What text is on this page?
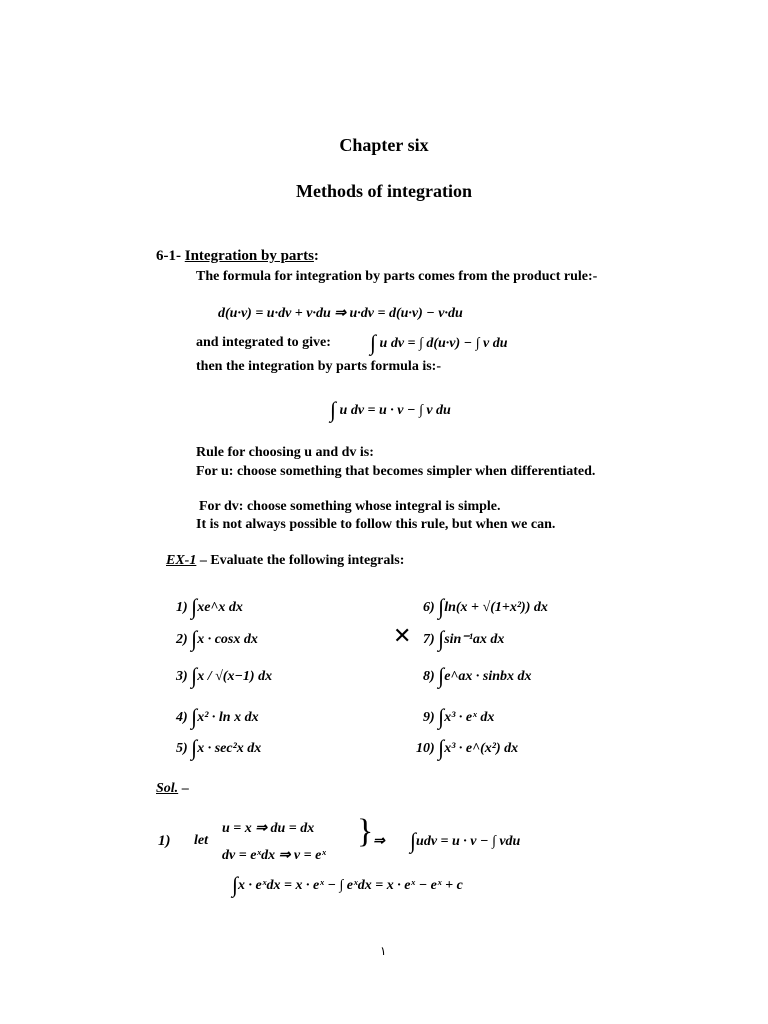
Chapter six
Methods of integration
6-1- Integration by parts:
The formula for integration by parts comes from the product rule:-
d(u·v) = u·dv + v·du ⇒ u·dv = d(u·v) − v·du
and integrated to give: ∫ u dv = ∫ d(u·v) − ∫ v du
then the integration by parts formula is:-
∫ u dv = u · v − ∫ v du
Rule for choosing u and dv is:
For u: choose something that becomes simpler when differentiated.
For dv: choose something whose integral is simple.
It is not always possible to follow this rule, but when we can.
EX-1 – Evaluate the following integrals:
1) ∫xe^x dx
2) ∫x · cosx dx
3) ∫x / √(x−1) dx
4) ∫x² · ln x dx
5) ∫x · sec²x dx
✕
6) ∫ln(x + √(1+x²)) dx
7) ∫sin⁻¹ax dx
8) ∫e^ax · sinbx dx
9) ∫x³ · eˣ dx
10) ∫x³ · e^(x²) dx
Sol. –
1) let
u = x ⇒ du = dx
dv = eˣdx ⇒ v = eˣ
} ⇒ ∫udv = u · v − ∫ vdu
∫x · eˣdx = x · eˣ − ∫ eˣdx = x · eˣ − eˣ + c
١
